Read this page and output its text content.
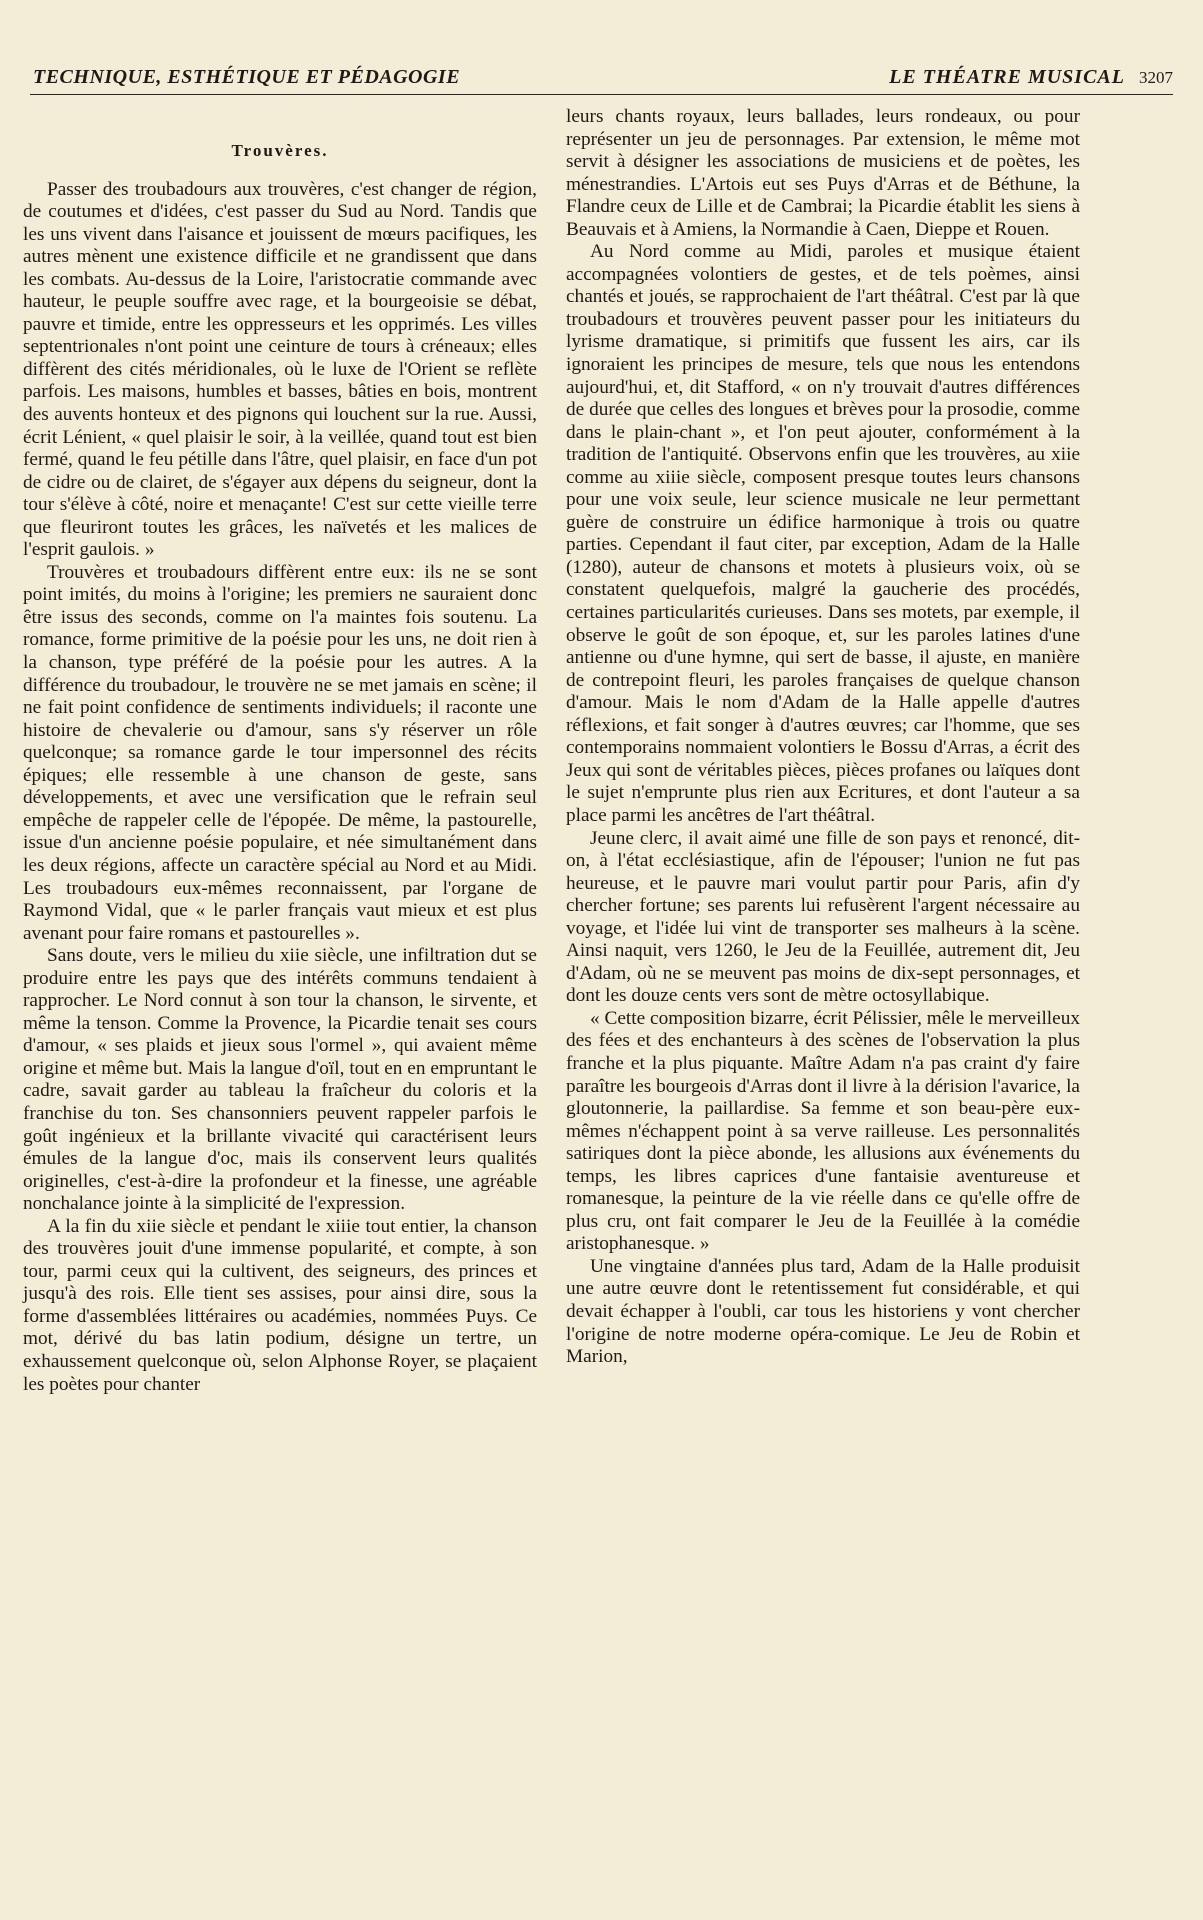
TECHNIQUE, ESTHÉTIQUE ET PÉDAGOGIE	LE THÉATRE MUSICAL 3207
Trouvères.

Passer des troubadours aux trouvères, c'est changer de région, de coutumes et d'idées, c'est passer du Sud au Nord. Tandis que les uns vivent dans l'aisance et jouissent de mœurs pacifiques, les autres mènent une existence difficile et ne grandissent que dans les combats. Au-dessus de la Loire, l'aristocratie commande avec hauteur, le peuple souffre avec rage, et la bourgeoisie se débat, pauvre et timide, entre les oppresseurs et les opprimés. Les villes septentrionales n'ont point une ceinture de tours à créneaux; elles diffèrent des cités méridionales, où le luxe de l'Orient se reflète parfois. Les maisons, humbles et basses, bâties en bois, montrent des auvents honteux et des pignons qui louchent sur la rue. Aussi, écrit Lénient, « quel plaisir le soir, à la veillée, quand tout est bien fermé, quand le feu pétille dans l'âtre, quel plaisir, en face d'un pot de cidre ou de clairet, de s'égayer aux dépens du seigneur, dont la tour s'élève à côté, noire et menaçante! C'est sur cette vieille terre que fleuriront toutes les grâces, les naïvetés et les malices de l'esprit gaulois. »

Trouvères et troubadours diffèrent entre eux: ils ne se sont point imités, du moins à l'origine; les premiers ne sauraient donc être issus des seconds, comme on l'a maintes fois soutenu. La romance, forme primitive de la poésie pour les uns, ne doit rien à la chanson, type préféré de la poésie pour les autres. A la différence du troubadour, le trouvère ne se met jamais en scène; il ne fait point confidence de sentiments individuels; il raconte une histoire de chevalerie ou d'amour, sans s'y réserver un rôle quelconque; sa romance garde le tour impersonnel des récits épiques; elle ressemble à une chanson de geste, sans développements, et avec une versification que le refrain seul empêche de rappeler celle de l'épopée. De même, la pastourelle, issue d'un ancienne poésie populaire, et née simultanément dans les deux régions, affecte un caractère spécial au Nord et au Midi. Les troubadours eux-mêmes reconnaissent, par l'organe de Raymond Vidal, que « le parler français vaut mieux et est plus avenant pour faire romans et pastourelles ».

Sans doute, vers le milieu du xiie siècle, une infiltration dut se produire entre les pays que des intérêts communs tendaient à rapprocher. Le Nord connut à son tour la chanson, le sirvente, et même la tenson. Comme la Provence, la Picardie tenait ses cours d'amour, « ses plaids et jieux sous l'ormel », qui avaient même origine et même but. Mais la langue d'oïl, tout en en empruntant le cadre, savait garder au tableau la fraîcheur du coloris et la franchise du ton. Ses chansonniers peuvent rappeler parfois le goût ingénieux et la brillante vivacité qui caractérisent leurs émules de la langue d'oc, mais ils conservent leurs qualités originelles, c'est-à-dire la profondeur et la finesse, une agréable nonchalance jointe à la simplicité de l'expression.

A la fin du xiie siècle et pendant le xiiie tout entier, la chanson des trouvères jouit d'une immense popularité, et compte, à son tour, parmi ceux qui la cultivent, des seigneurs, des princes et jusqu'à des rois. Elle tient ses assises, pour ainsi dire, sous la forme d'assemblées littéraires ou académies, nommées Puys. Ce mot, dérivé du bas latin podium, désigne un tertre, un exhaussement quelconque où, selon Alphonse Royer, se plaçaient les poètes pour chanter

leurs chants royaux, leurs ballades, leurs rondeaux, ou pour représenter un jeu de personnages. Par extension, le même mot servit à désigner les associations de musiciens et de poètes, les ménestrandies. L'Artois eut ses Puys d'Arras et de Béthune, la Flandre ceux de Lille et de Cambrai; la Picardie établit les siens à Beauvais et à Amiens, la Normandie à Caen, Dieppe et Rouen.

Au Nord comme au Midi, paroles et musique étaient accompagnées volontiers de gestes, et de tels poèmes, ainsi chantés et joués, se rapprochaient de l'art théâtral. C'est par là que troubadours et trouvères peuvent passer pour les initiateurs du lyrisme dramatique, si primitifs que fussent les airs, car ils ignoraient les principes de mesure, tels que nous les entendons aujourd'hui, et, dit Stafford, « on n'y trouvait d'autres différences de durée que celles des longues et brèves pour la prosodie, comme dans le plain-chant », et l'on peut ajouter, conformément à la tradition de l'antiquité. Observons enfin que les trouvères, au xiie comme au xiiie siècle, composent presque toutes leurs chansons pour une voix seule, leur science musicale ne leur permettant guère de construire un édifice harmonique à trois ou quatre parties. Cependant il faut citer, par exception, Adam de la Halle (1280), auteur de chansons et motets à plusieurs voix, où se constatent quelquefois, malgré la gaucherie des procédés, certaines particularités curieuses. Dans ses motets, par exemple, il observe le goût de son époque, et, sur les paroles latines d'une antienne ou d'une hymne, qui sert de basse, il ajuste, en manière de contrepoint fleuri, les paroles françaises de quelque chanson d'amour. Mais le nom d'Adam de la Halle appelle d'autres réflexions, et fait songer à d'autres œuvres; car l'homme, que ses contemporains nommaient volontiers le Bossu d'Arras, a écrit des Jeux qui sont de véritables pièces, pièces profanes ou laïques dont le sujet n'emprunte plus rien aux Ecritures, et dont l'auteur a sa place parmi les ancêtres de l'art théâtral.

Jeune clerc, il avait aimé une fille de son pays et renoncé, dit-on, à l'état ecclésiastique, afin de l'épouser; l'union ne fut pas heureuse, et le pauvre mari voulut partir pour Paris, afin d'y chercher fortune; ses parents lui refusèrent l'argent nécessaire au voyage, et l'idée lui vint de transporter ses malheurs à la scène. Ainsi naquit, vers 1260, le Jeu de la Feuillée, autrement dit, Jeu d'Adam, où ne se meuvent pas moins de dix-sept personnages, et dont les douze cents vers sont de mètre octosyllabique.

« Cette composition bizarre, écrit Pélissier, mêle le merveilleux des fées et des enchanteurs à des scènes de l'observation la plus franche et la plus piquante. Maître Adam n'a pas craint d'y faire paraître les bourgeois d'Arras dont il livre à la dérision l'avarice, la gloutonnerie, la paillardise. Sa femme et son beau-père eux-mêmes n'échappent point à sa verve railleuse. Les personnalités satiriques dont la pièce abonde, les allusions aux événements du temps, les libres caprices d'une fantaisie aventureuse et romanesque, la peinture de la vie réelle dans ce qu'elle offre de plus cru, ont fait comparer le Jeu de la Feuillée à la comédie aristophanesque. »

Une vingtaine d'années plus tard, Adam de la Halle produisit une autre œuvre dont le retentissement fut considérable, et qui devait échapper à l'oubli, car tous les historiens y vont chercher l'origine de notre moderne opéra-comique. Le Jeu de Robin et Marion,
